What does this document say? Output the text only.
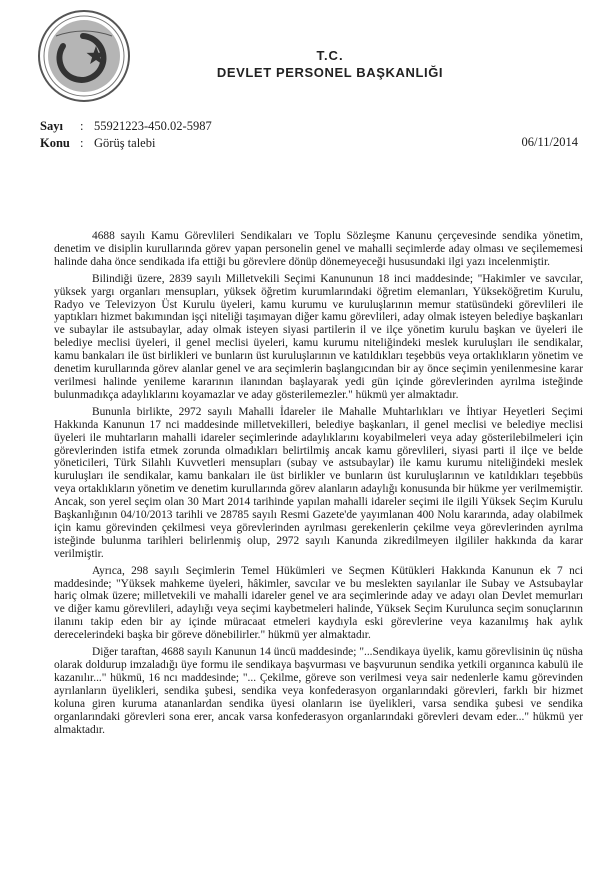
T.C.
DEVLET PERSONEL BAŞKANLIĞI
Sayı : 55921223-450.02-5987
Konu : Görüş talebi	06/11/2014

4688 sayılı Kamu Görevlileri Sendikaları ve Toplu Sözleşme Kanunu çerçevesinde sendika yönetim, denetim ve disiplin kurullarında görev yapan personelin genel ve mahalli seçimlerde aday olması ve seçilememesi halinde daha önce sendikada ifa ettiği bu görevlere dönüp dönemeyeceği hususundaki ilgi yazı incelenmiştir.

Bilindiği üzere, 2839 sayılı Milletvekili Seçimi Kanununun 18 inci maddesinde; "Hakimler ve savcılar, yüksek yargı organları mensupları, yüksek öğretim kurumlarındaki öğretim elemanları, Yükseköğretim Kurulu, Radyo ve Televizyon Üst Kurulu üyeleri, kamu kurumu ve kuruluşlarının memur statüsündeki görevlileri ile yaptıkları hizmet bakımından işçi niteliği taşımayan diğer kamu görevlileri, aday olmak isteyen belediye başkanları ve subaylar ile astsubaylar, aday olmak isteyen siyasi partilerin il ve ilçe yönetim kurulu başkan ve üyeleri ile belediye meclisi üyeleri, il genel meclisi üyeleri, kamu kurumu niteliğindeki meslek kuruluşları ile sendikalar, kamu bankaları ile üst birlikleri ve bunların üst kuruluşlarının ve katıldıkları teşebbüs veya ortaklıkların yönetim ve denetim kurullarında görev alanlar genel ve ara seçimlerin başlangıcından bir ay önce seçimin yenilenmesine karar verilmesi halinde yenileme kararının ilanından başlayarak yedi gün içinde görevlerinden ayrılma isteğinde bulunmadıkça adaylıklarını koyamazlar ve aday gösterilemezler." hükmü yer almaktadır.

Bununla birlikte, 2972 sayılı Mahalli İdareler ile Mahalle Muhtarlıkları ve İhtiyar Heyetleri Seçimi Hakkında Kanunun 17 nci maddesinde milletvekilleri, belediye başkanları, il genel meclisi ve belediye meclisi üyeleri ile muhtarların mahalli idareler seçimlerinde adaylıklarını koyabilmeleri veya aday gösterilebilmeleri için görevlerinden istifa etmek zorunda olmadıkları belirtilmiş ancak kamu görevlileri, siyasi parti il ilçe ve belde yöneticileri, Türk Silahlı Kuvvetleri mensupları (subay ve astsubaylar) ile kamu kurumu niteliğindeki meslek kuruluşları ile sendikalar, kamu bankaları ile üst birlikler ve bunların üst kuruluşlarının ve katıldıkları teşebbüs veya ortaklıkların yönetim ve denetim kurullarında görev alanların adaylığı konusunda bir hükme yer verilmemiştir. Ancak, son yerel seçim olan 30 Mart 2014 tarihinde yapılan mahalli idareler seçimi ile ilgili Yüksek Seçim Kurulu Başkanlığının 04/10/2013 tarihli ve 28785 sayılı Resmi Gazete'de yayımlanan 400 Nolu kararında, aday olabilmek için kamu görevinden çekilmesi veya görevlerinden ayrılması gerekenlerin çekilme veya görevlerinden ayrılma isteğinde bulunma tarihleri belirlenmiş olup, 2972 sayılı Kanunda zikredilmeyen ilgililer hakkında da karar verilmiştir.

Ayrıca, 298 sayılı Seçimlerin Temel Hükümleri ve Seçmen Kütükleri Hakkında Kanunun ek 7 nci maddesinde; "Yüksek mahkeme üyeleri, hâkimler, savcılar ve bu meslekten sayılanlar ile Subay ve Astsubaylar hariç olmak üzere; milletvekili ve mahalli idareler genel ve ara seçimlerinde aday ve adayı olan Devlet memurları ve diğer kamu görevlileri, adaylığı veya seçimi kaybetmeleri halinde, Yüksek Seçim Kurulunca seçim sonuçlarının ilanını takip eden bir ay içinde müracaat etmeleri kaydıyla eski görevlerine veya kazanılmış hak aylık derecelerindeki başka bir göreve dönebilirler." hükmü yer almaktadır.

Diğer taraftan, 4688 sayılı Kanunun 14 üncü maddesinde; "...Sendikaya üyelik, kamu görevlisinin üç nüsha olarak doldurup imzaladığı üye formu ile sendikaya başvurması ve başvurunun sendika yetkili organınca kabulü ile kazanılır..." hükmü, 16 ncı maddesinde; "... Çekilme, göreve son verilmesi veya sair nedenlerle kamu görevinden ayrılanların üyelikleri, sendika şubesi, sendika veya konfederasyon organlarındaki görevleri, farklı bir hizmet koluna giren kuruma atananlardan sendika üyesi olanların ise üyelikleri, varsa sendika şubesi ve sendika organlarındaki görevleri sona erer, ancak varsa konfederasyon organlarındaki görevleri devam eder..." hükmü yer almaktadır.
